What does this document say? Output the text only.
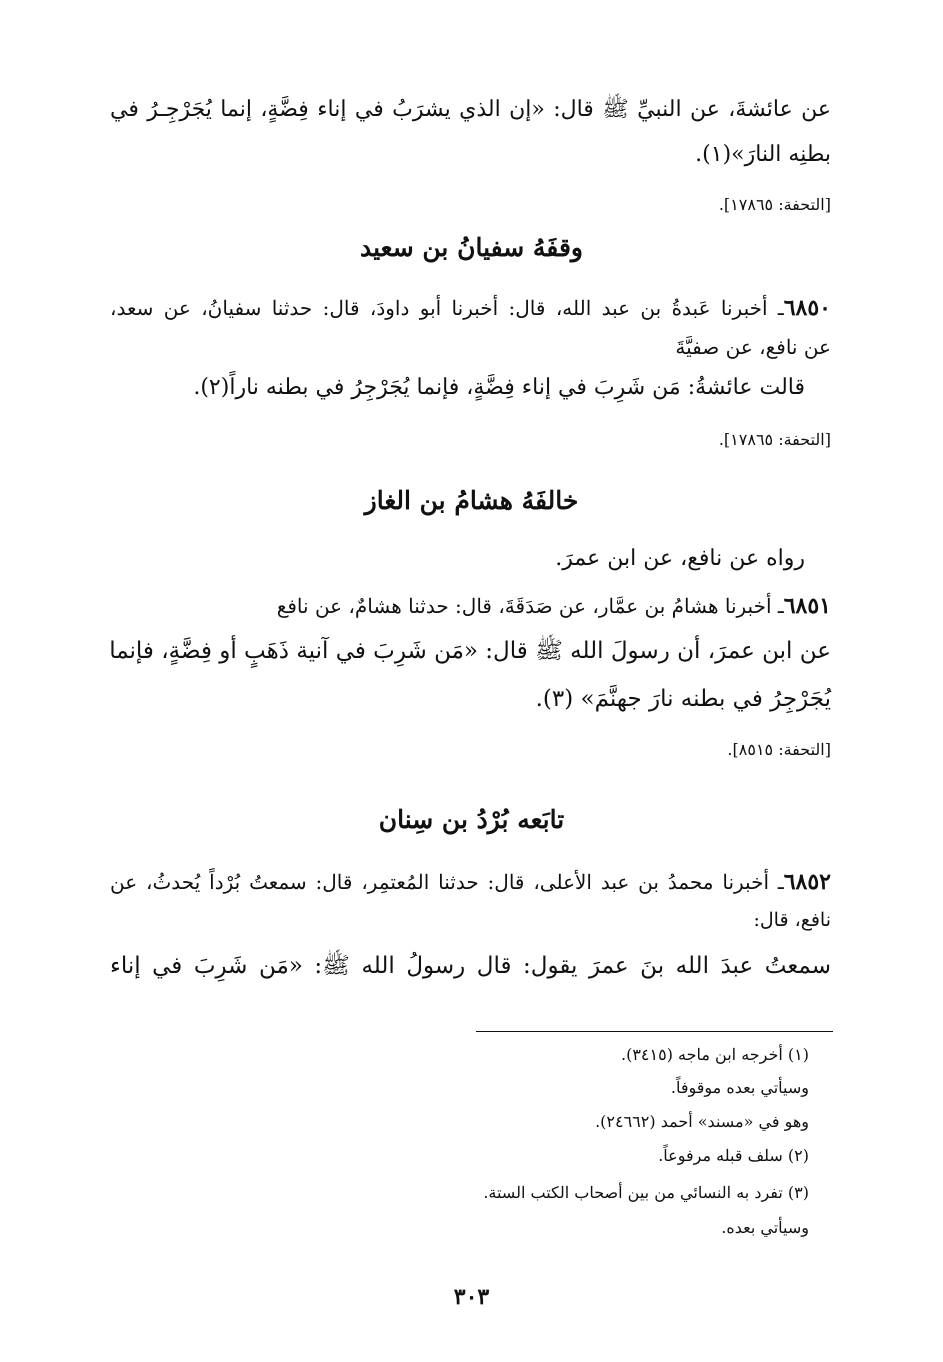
عن عائشةَ، عن النبيِّ ﷺ قال: «إن الذي يشرَبُ في إناء فِضَّةٍ، إنما يُجَرْجِـرُ في
بطنِه النارَ»(١).
[التحفة: ١٧٨٦٥].
وقفَهُ سفيانُ بن سعيد
٦٨٥٠ـ أخبرنا عَبدةُ بن عبد الله، قال: أخبرنا أبو داودَ، قال: حدثنا سفيانُ، عن سعد،
عن نافع، عن صفيَّةَ
قالت عائشةُ: مَن شَرِبَ في إناء فِضَّةٍ، فإنما يُجَرْجِرُ في بطنه ناراً(٢).
[التحفة: ١٧٨٦٥].
خالفَهُ هشامُ بن الغاز
رواه عن نافع، عن ابن عمرَ.
٦٨٥١ـ أخبرنا هشامُ بن عمَّار، عن صَدَقَةَ، قال: حدثنا هشامٌ، عن نافع
عن ابن عمرَ، أن رسولَ الله ﷺ قال: «مَن شَرِبَ في آنية ذَهَبٍ أو فِضَّةٍ، فإنما
يُجَرْجِرُ في بطنه نارَ جهنَّمَ» (٣).
[التحفة: ٨٥١٥].
تابَعه بُرْدُ بن سِنان
٦٨٥٢ـ أخبرنا محمدُ بن عبد الأعلى، قال: حدثنا المُعتمِر، قال: سمعتُ بُرْداً يُحدثُ، عن
نافع، قال:
سمعتُ عبدَ الله بنَ عمرَ يقول: قال رسولُ الله ﷺ: «مَن شَرِبَ في إناء
(١) أخرجه ابن ماجه (٣٤١٥).
وسيأتي بعده موقوفاً.
وهو في «مسند» أحمد (٢٤٦٦٢).
(٢) سلف قبله مرفوعاً.
(٣) تفرد به النسائي من بين أصحاب الكتب الستة.
وسيأتي بعده.
٣٠٣
